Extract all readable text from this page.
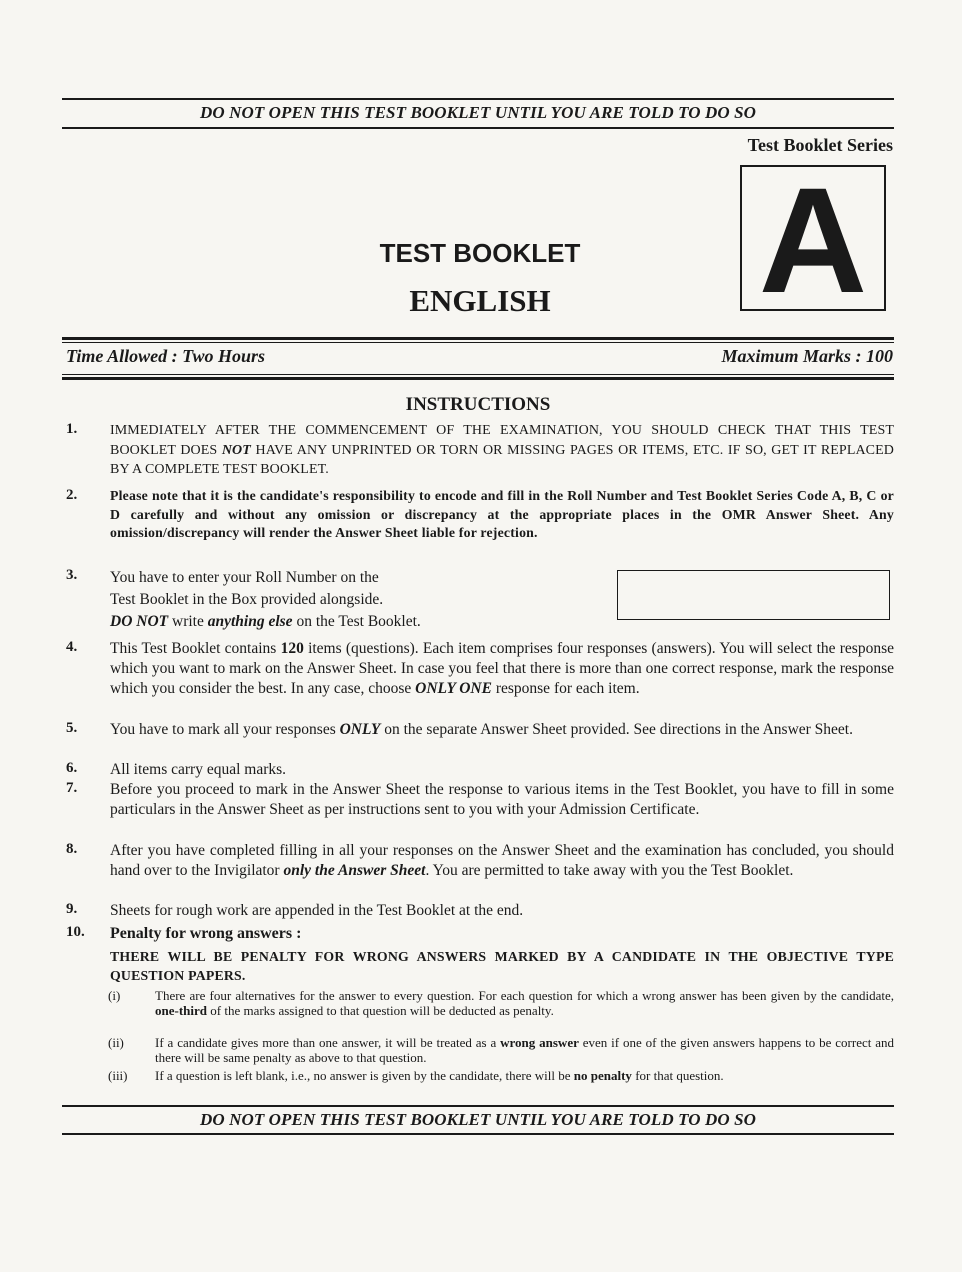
DO NOT OPEN THIS TEST BOOKLET UNTIL YOU ARE TOLD TO DO SO
Test Booklet Series
A
TEST BOOKLET
ENGLISH
Time Allowed : Two Hours	Maximum Marks : 100
INSTRUCTIONS
1. IMMEDIATELY AFTER THE COMMENCEMENT OF THE EXAMINATION, YOU SHOULD CHECK THAT THIS TEST BOOKLET DOES NOT HAVE ANY UNPRINTED OR TORN OR MISSING PAGES OR ITEMS, ETC. IF SO, GET IT REPLACED BY A COMPLETE TEST BOOKLET.
2. Please note that it is the candidate's responsibility to encode and fill in the Roll Number and Test Booklet Series Code A, B, C or D carefully and without any omission or discrepancy at the appropriate places in the OMR Answer Sheet. Any omission/discrepancy will render the Answer Sheet liable for rejection.
3. You have to enter your Roll Number on the
Test Booklet in the Box provided alongside.
DO NOT write anything else on the Test Booklet.
4. This Test Booklet contains 120 items (questions). Each item comprises four responses (answers). You will select the response which you want to mark on the Answer Sheet. In case you feel that there is more than one correct response, mark the response which you consider the best. In any case, choose ONLY ONE response for each item.
5. You have to mark all your responses ONLY on the separate Answer Sheet provided. See directions in the Answer Sheet.
6. All items carry equal marks.
7. Before you proceed to mark in the Answer Sheet the response to various items in the Test Booklet, you have to fill in some particulars in the Answer Sheet as per instructions sent to you with your Admission Certificate.
8. After you have completed filling in all your responses on the Answer Sheet and the examination has concluded, you should hand over to the Invigilator only the Answer Sheet. You are permitted to take away with you the Test Booklet.
9. Sheets for rough work are appended in the Test Booklet at the end.
10. Penalty for wrong answers :
THERE WILL BE PENALTY FOR WRONG ANSWERS MARKED BY A CANDIDATE IN THE OBJECTIVE TYPE QUESTION PAPERS.
(i)	There are four alternatives for the answer to every question. For each question for which a wrong answer has been given by the candidate, one-third of the marks assigned to that question will be deducted as penalty.
(ii) If a candidate gives more than one answer, it will be treated as a wrong answer even if one of the given answers happens to be correct and there will be same penalty as above to that question.
(iii) If a question is left blank, i.e., no answer is given by the candidate, there will be no penalty for that question.
DO NOT OPEN THIS TEST BOOKLET UNTIL YOU ARE TOLD TO DO SO
